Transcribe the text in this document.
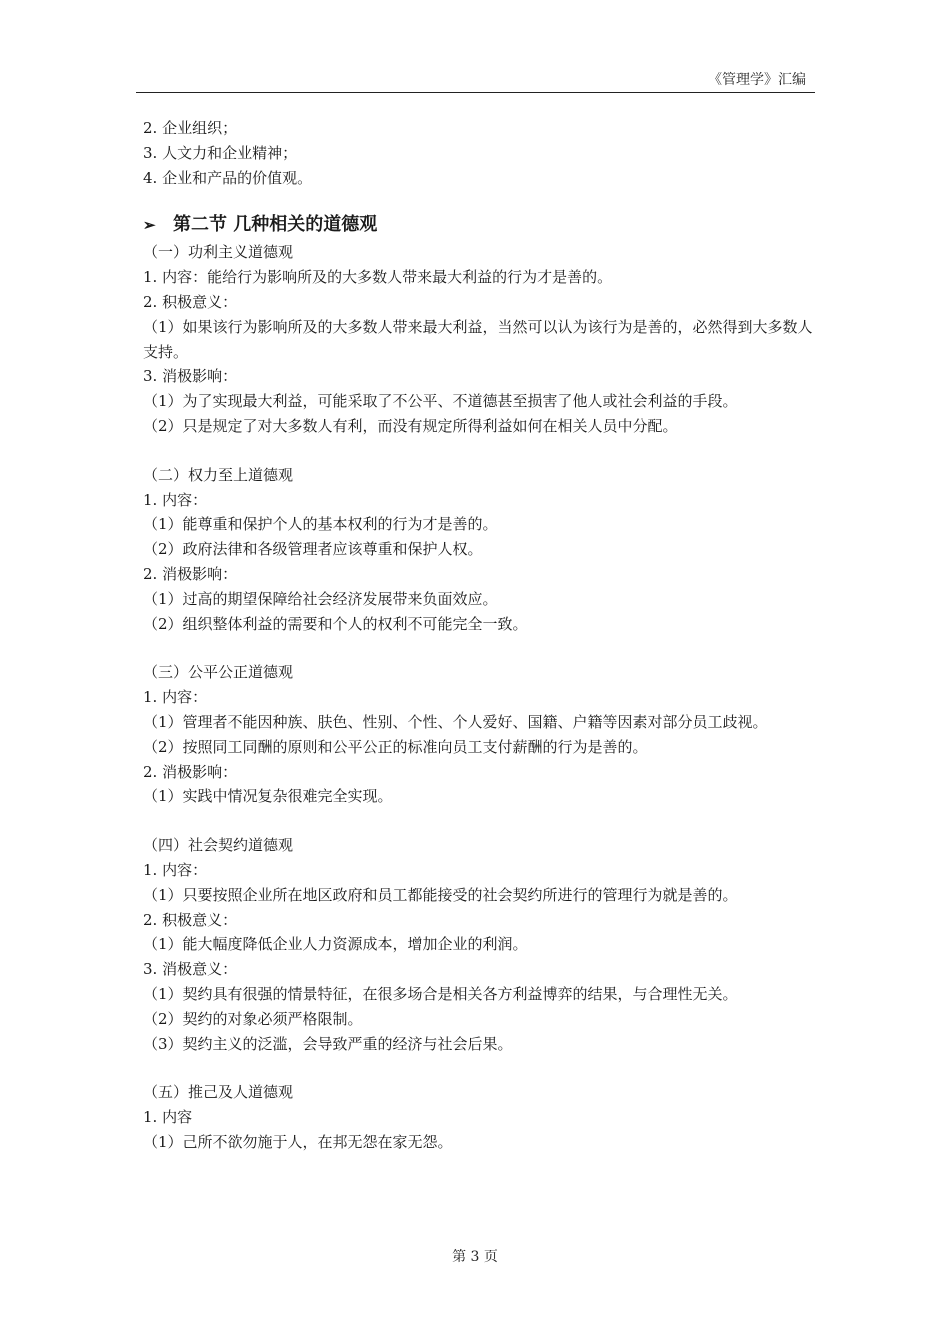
《管理学》汇编

2. 企业组织；

3. 人文力和企业精神；

4. 企业和产品的价值观。

➢ 第二节 几种相关的道德观

（一）功利主义道德观

1. 内容：能给行为影响所及的大多数人带来最大利益的行为才是善的。

2. 积极意义：

（1）如果该行为影响所及的大多数人带来最大利益，当然可以认为该行为是善的，必然得到大多数人支持。

3. 消极影响：

（1）为了实现最大利益，可能采取了不公平、不道德甚至损害了他人或社会利益的手段。

（2）只是规定了对大多数人有利，而没有规定所得利益如何在相关人员中分配。

（二）权力至上道德观

1. 内容：

（1）能尊重和保护个人的基本权利的行为才是善的。

（2）政府法律和各级管理者应该尊重和保护人权。

2. 消极影响：

（1）过高的期望保障给社会经济发展带来负面效应。

（2）组织整体利益的需要和个人的权利不可能完全一致。

（三）公平公正道德观

1. 内容：

（1）管理者不能因种族、肤色、性别、个性、个人爱好、国籍、户籍等因素对部分员工歧视。

（2）按照同工同酬的原则和公平公正的标准向员工支付薪酬的行为是善的。

2. 消极影响：

（1）实践中情况复杂很难完全实现。

（四）社会契约道德观

1. 内容：

（1）只要按照企业所在地区政府和员工都能接受的社会契约所进行的管理行为就是善的。

2. 积极意义：

（1）能大幅度降低企业人力资源成本，增加企业的利润。

3. 消极意义：

（1）契约具有很强的情景特征，在很多场合是相关各方利益博弈的结果，与合理性无关。

（2）契约的对象必须严格限制。

（3）契约主义的泛滥，会导致严重的经济与社会后果。

（五）推己及人道德观

1. 内容

（1）己所不欲勿施于人，在邦无怨在家无怨。

第 3 页
